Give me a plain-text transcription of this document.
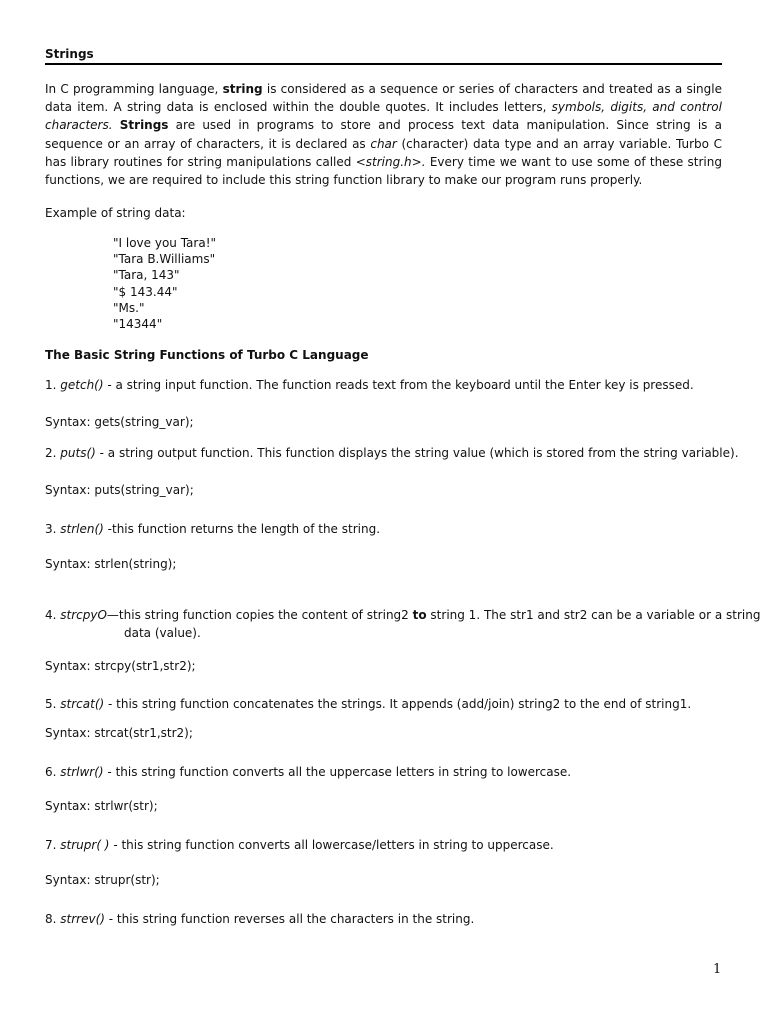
Strings
In C programming language, string is considered as a sequence or series of characters and treated as a single data item. A string data is enclosed within the double quotes. It includes letters, symbols, digits, and control characters. Strings are used in programs to store and process text data manipulation. Since string is a sequence or an array of characters, it is declared as char (character) data type and an array variable. Turbo C has library routines for string manipulations called <string.h>. Every time we want to use some of these string functions, we are required to include this string function library to make our program runs properly.
Example of string data:
"I love you Tara!"
"Tara B.Williams"
"Tara, 143"
"$ 143.44"
"Ms."
"14344"
The Basic String Functions of Turbo C Language
1. getch() - a string input function. The function reads text from the keyboard until the Enter key is pressed.
Syntax: gets(string_var);
2. puts() - a string output function. This function displays the string value (which is stored from the string variable).
Syntax: puts(string_var);
3. strlen() -this function returns the length of the string.
Syntax: strlen(string);
4. strcpyO—this string function copies the content of string2 to string 1. The str1 and str2 can be a variable or a string
data (value).
Syntax: strcpy(str1,str2);
5. strcat() - this string function concatenates the strings. It appends (add/join) string2 to the end of string1.
Syntax: strcat(str1,str2);
6. strlwr() - this string function converts all the uppercase letters in string to lowercase.
Syntax: strlwr(str);
7. strupr( ) - this string function converts all lowercase/letters in string to uppercase.
Syntax: strupr(str);
8. strrev() - this string function reverses all the characters in the string.
1
